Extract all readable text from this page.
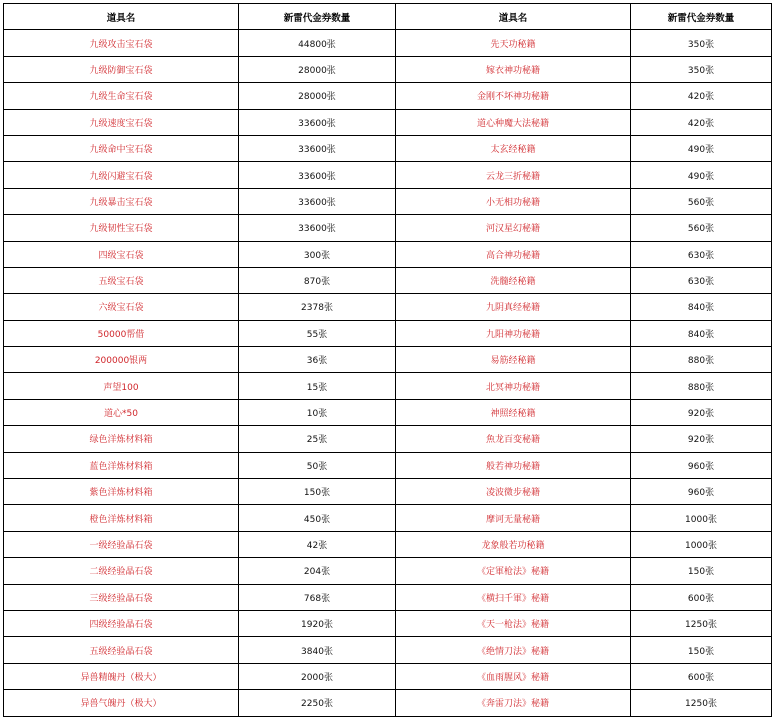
道具名	新雷代金券数量	道具名	新雷代金券数量
九级攻击宝石袋	44800张	先天功秘籍	350张
九级防御宝石袋	28000张	嫁衣神功秘籍	350张
九级生命宝石袋	28000张	金刚不坏神功秘籍	420张
九级速度宝石袋	33600张	道心种魔大法秘籍	420张
九级命中宝石袋	33600张	太玄经秘籍	490张
九级闪避宝石袋	33600张	云龙三折秘籍	490张
九级暴击宝石袋	33600张	小无相功秘籍	560张
九级韧性宝石袋	33600张	河汉星幻秘籍	560张
四级宝石袋	300张	高合神功秘籍	630张
五级宝石袋	870张	洗髓经秘籍	630张
六级宝石袋	2378张	九阴真经秘籍	840张
50000帮借	55张	九阳神功秘籍	840张
200000银两	36张	易筋经秘籍	880张
声望100	15张	北冥神功秘籍	880张
道心*50	10张	神照经秘籍	920张
绿色洋炼材料箱	25张	魚龙百变秘籍	920张
蓝色洋炼材料箱	50张	般若神功秘籍	960张
紫色洋炼材料箱	150张	凌波微步秘籍	960张
橙色洋炼材料箱	450张	摩诃无量秘籍	1000张
一级经验晶石袋	42张	龙象般若功秘籍	1000张
二级经验晶石袋	204张	《定軍枪法》秘籍	150张
三级经验晶石袋	768张	《横扫千軍》秘籍	600张
四级经验晶石袋	1920张	《天一枪法》秘籍	1250张
五级经验晶石袋	3840张	《绝情刀法》秘籍	150张
异兽精魄丹（极大）	2000张	《血雨腥风》秘籍	600张
异兽气魄丹（极大）	2250张	《奔雷刀法》秘籍	1250张
